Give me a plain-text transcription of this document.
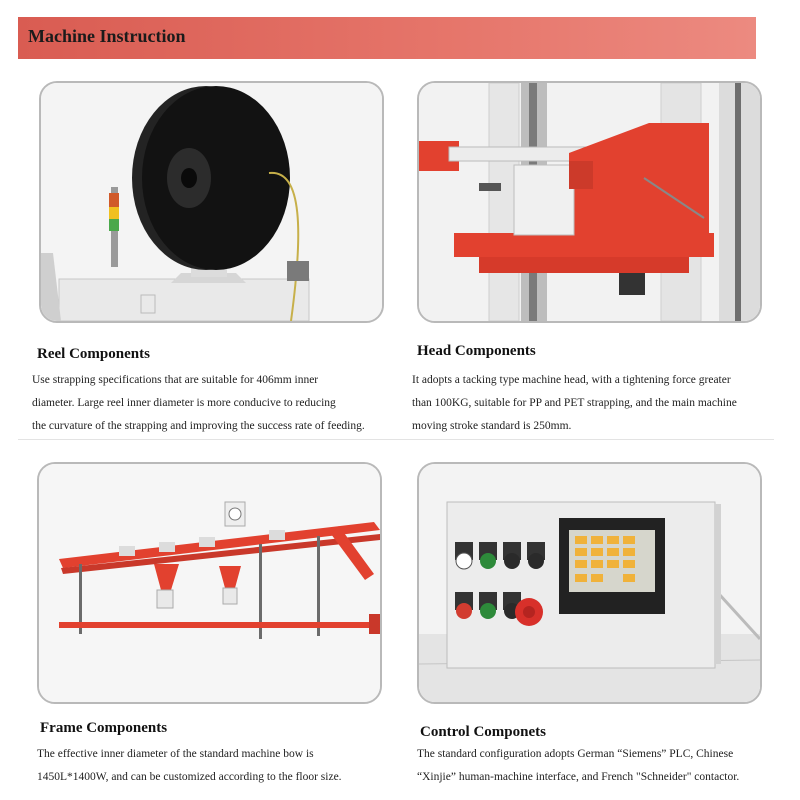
Machine Instruction
Reel Components
Use strapping specifications that are suitable for 406mm inner
diameter. Large reel inner diameter is more conducive to reducing
the curvature of the strapping and improving the success rate of feeding.
Head Components
It adopts a tacking type machine head, with a tightening force greater
than 100KG, suitable for PP and PET strapping, and the main machine
moving stroke standard is 250mm.
Frame Components
The effective inner diameter of the standard machine bow is
1450L*1400W, and can be customized according to the floor size.
Control Componets
The standard configuration adopts German “Siemens” PLC, Chinese
“Xinjie” human-machine interface, and French "Schneider" contactor.
